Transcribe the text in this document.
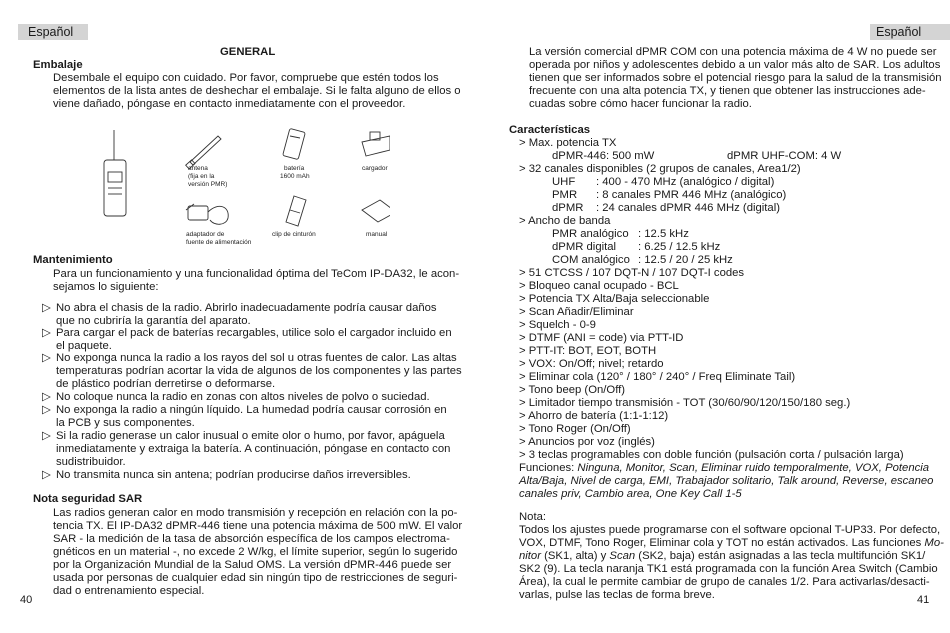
Español
GENERAL
Embalaje
Desembale el equipo con cuidado. Por favor, compruebe que estén todos los
elementos de la lista antes de deshechar el embalaje. Si le falta alguno de ellos o
viene dañado, póngase en contacto inmediatamente con el proveedor.
antena
(fija en la
versión PMR)
batería
1600 mAh
cargador
adaptador de
fuente de alimentación
clip de cinturón	manual
Mantenimiento
Para un funcionamiento y una funcionalidad óptima del TeCom IP-DA32, le acon-
sejamos lo siguiente:
▷ No abra el chasis de la radio. Abrirlo inadecuadamente podría causar daños
que no cubriría la garantía del aparato.
▷ Para cargar el pack de baterías recargables, utilice solo el cargador incluido en
el paquete.
▷ No exponga nunca la radio a los rayos del sol u otras fuentes de calor. Las altas
temperaturas podrían acortar la vida de algunos de los componentes y las partes
de plástico podrían derretirse o deformarse.
▷ No coloque nunca la radio en zonas con altos niveles de polvo o suciedad.
▷ No exponga la radio a ningún líquido. La humedad podría causar corrosión en
la PCB y sus componentes.
▷ Si la radio generase un calor inusual o emite olor o humo, por favor, apáguela
inmediatamente y extraiga la batería. A continuación, póngase en contacto con
sudistribuidor.
▷ No transmita nunca sin antena; podrían producirse daños irreversibles.
Nota seguridad SAR
Las radios generan calor en modo transmisión y recepción en relación con la po-
tencia TX. El IP-DA32 dPMR-446 tiene una potencia máxima de 500 mW. El valor
SAR - la medición de la tasa de absorción específica de los campos electroma-
gnéticos en un material -, no excede 2 W/kg, el límite superior, según lo sugerido
por la Organización Mundial de la Salud OMS. La versión dPMR-446 puede ser
usada por personas de cualquier edad sin ningún tipo de restricciones de seguri-
dad o entrenamiento especial.
40
Español
La versión comercial dPMR COM con una potencia máxima de 4 W no puede ser
operada por niños y adolescentes debido a un valor más alto de SAR. Los adultos
tienen que ser informados sobre el potencial riesgo para la salud de la transmisión
frecuente con una alta potencia TX, y tienen que obtener las instrucciones ade-
cuadas sobre cómo hacer funcionar la radio.
Características
> Max. potencia TX
dPMR-446: 500 mW	dPMR UHF-COM: 4 W
> 32 canales disponibles (2 grupos de canales, Area1/2)
UHF : 400 - 470 MHz (analógico / digital)
PMR : 8 canales PMR 446 MHz (analógico)
dPMR : 24 canales dPMR 446 MHz (digital)
> Ancho de banda
PMR analógico : 12.5 kHz
dPMR digital : 6.25 / 12.5 kHz
COM analógico : 12.5 / 20 / 25 kHz
> 51 CTCSS / 107 DQT-N / 107 DQT-I codes
> Bloqueo canal ocupado - BCL
> Potencia TX Alta/Baja seleccionable
> Scan Añadir/Eliminar
> Squelch - 0-9
> DTMF (ANI = code) via PTT-ID
> PTT-IT: BOT, EOT, BOTH
> VOX: On/Off; nivel; retardo
> Eliminar cola (120° / 180° / 240° / Freq Eliminate Tail)
> Tono beep (On/Off)
> Limitador tiempo transmisión - TOT (30/60/90/120/150/180 seg.)
> Ahorro de batería (1:1-1:12)
> Tono Roger (On/Off)
> Anuncios por voz (inglés)
> 3 teclas programables con doble función (pulsación corta / pulsación larga)
Funciones: Ninguna, Monitor, Scan, Eliminar ruido temporalmente, VOX, Potencia
Alta/Baja, Nivel de carga, EMI, Trabajador solitario, Talk around, Reverse, escaneo
canales priv, Cambio area, One Key Call 1-5
Nota:
Todos los ajustes puede programarse con el software opcional T-UP33. Por defecto,
VOX, DTMF, Tono Roger, Eliminar cola y TOT no están activados. Las funciones Mo-
nitor (SK1, alta) y Scan (SK2, baja) están asignadas a las tecla multifunción SK1/
SK2 (9). La tecla naranja TK1 está programada con la función Area Switch (Cambio
Área), la cual le permite cambiar de grupo de canales 1/2. Para activarlas/desacti-
varlas, pulse las teclas de forma breve.	41
